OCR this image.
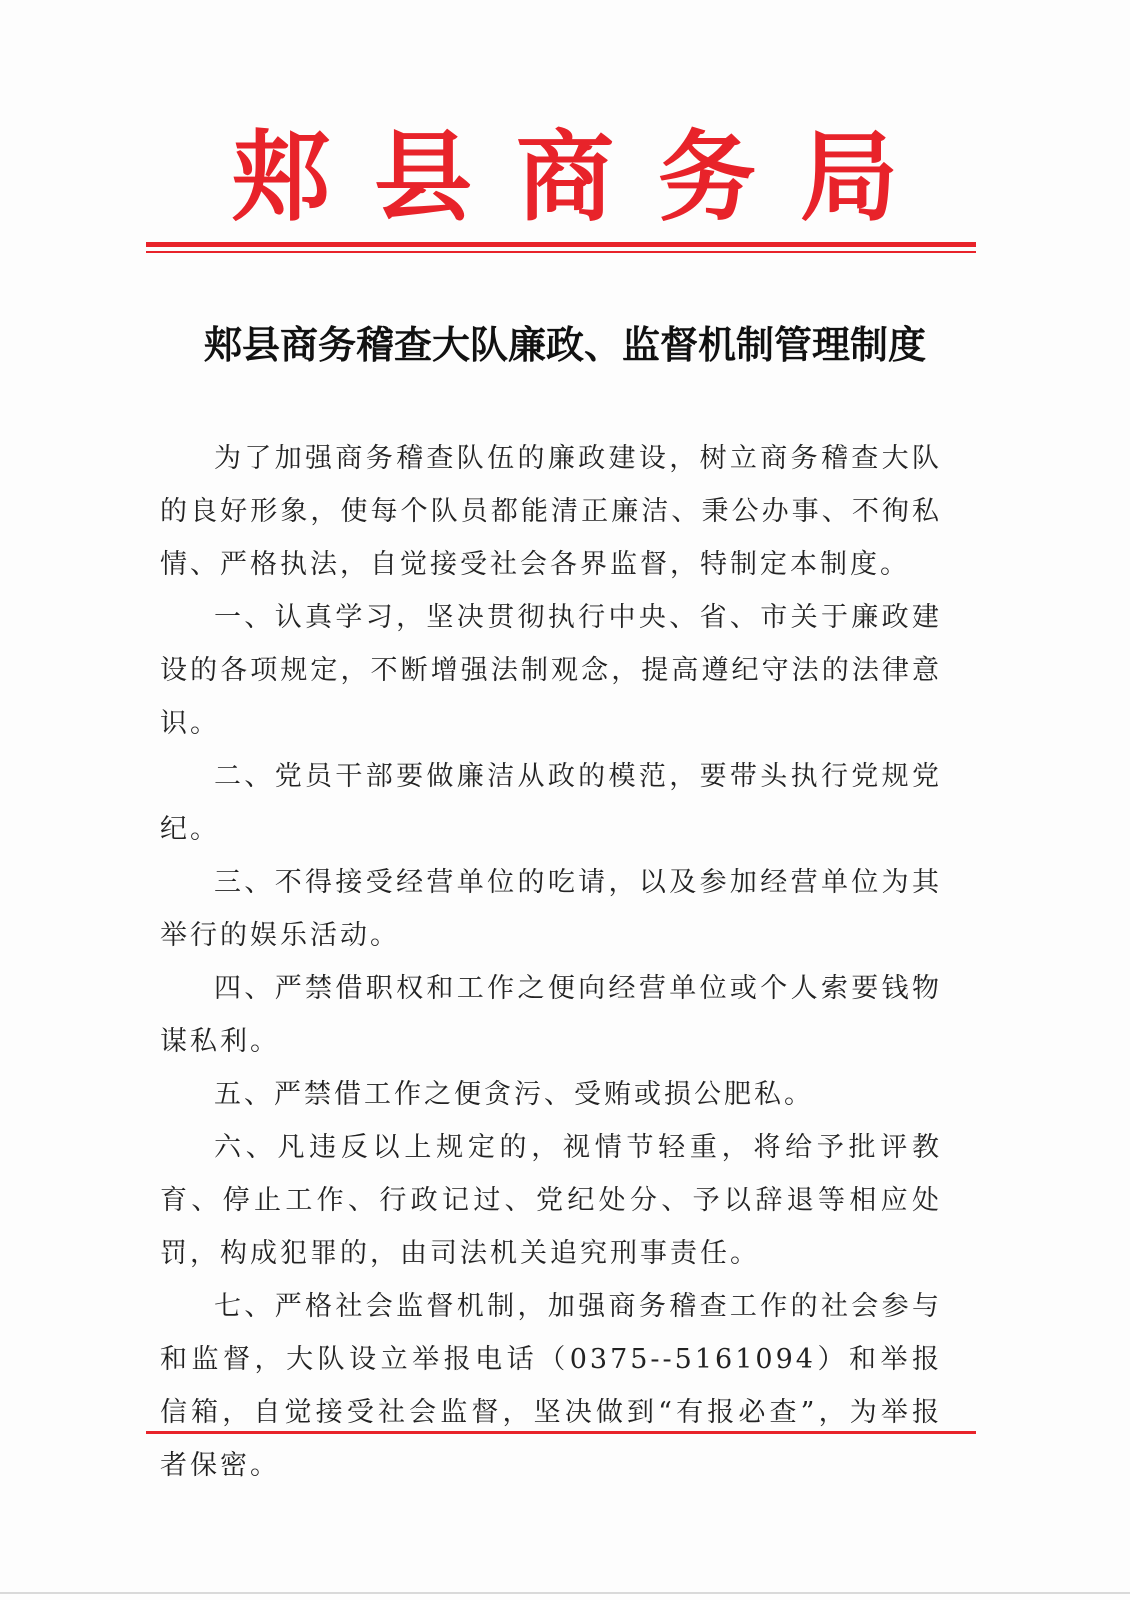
郏县商务局
郏县商务稽查大队廉政、监督机制管理制度

为了加强商务稽查队伍的廉政建设，树立商务稽查大队的良好形象，使每个队员都能清正廉洁、秉公办事、不徇私情、严格执法，自觉接受社会各界监督，特制定本制度。

一、认真学习，坚决贯彻执行中央、省、市关于廉政建设的各项规定，不断增强法制观念，提高遵纪守法的法律意识。

二、党员干部要做廉洁从政的模范，要带头执行党规党纪。

三、不得接受经营单位的吃请，以及参加经营单位为其举行的娱乐活动。

四、严禁借职权和工作之便向经营单位或个人索要钱物谋私利。

五、严禁借工作之便贪污、受贿或损公肥私。

六、凡违反以上规定的，视情节轻重，将给予批评教育、停止工作、行政记过、党纪处分、予以辞退等相应处罚，构成犯罪的，由司法机关追究刑事责任。

七、严格社会监督机制，加强商务稽查工作的社会参与和监督，大队设立举报电话（0375--5161094）和举报信箱，自觉接受社会监督，坚决做到“有报必查”，为举报者保密。
